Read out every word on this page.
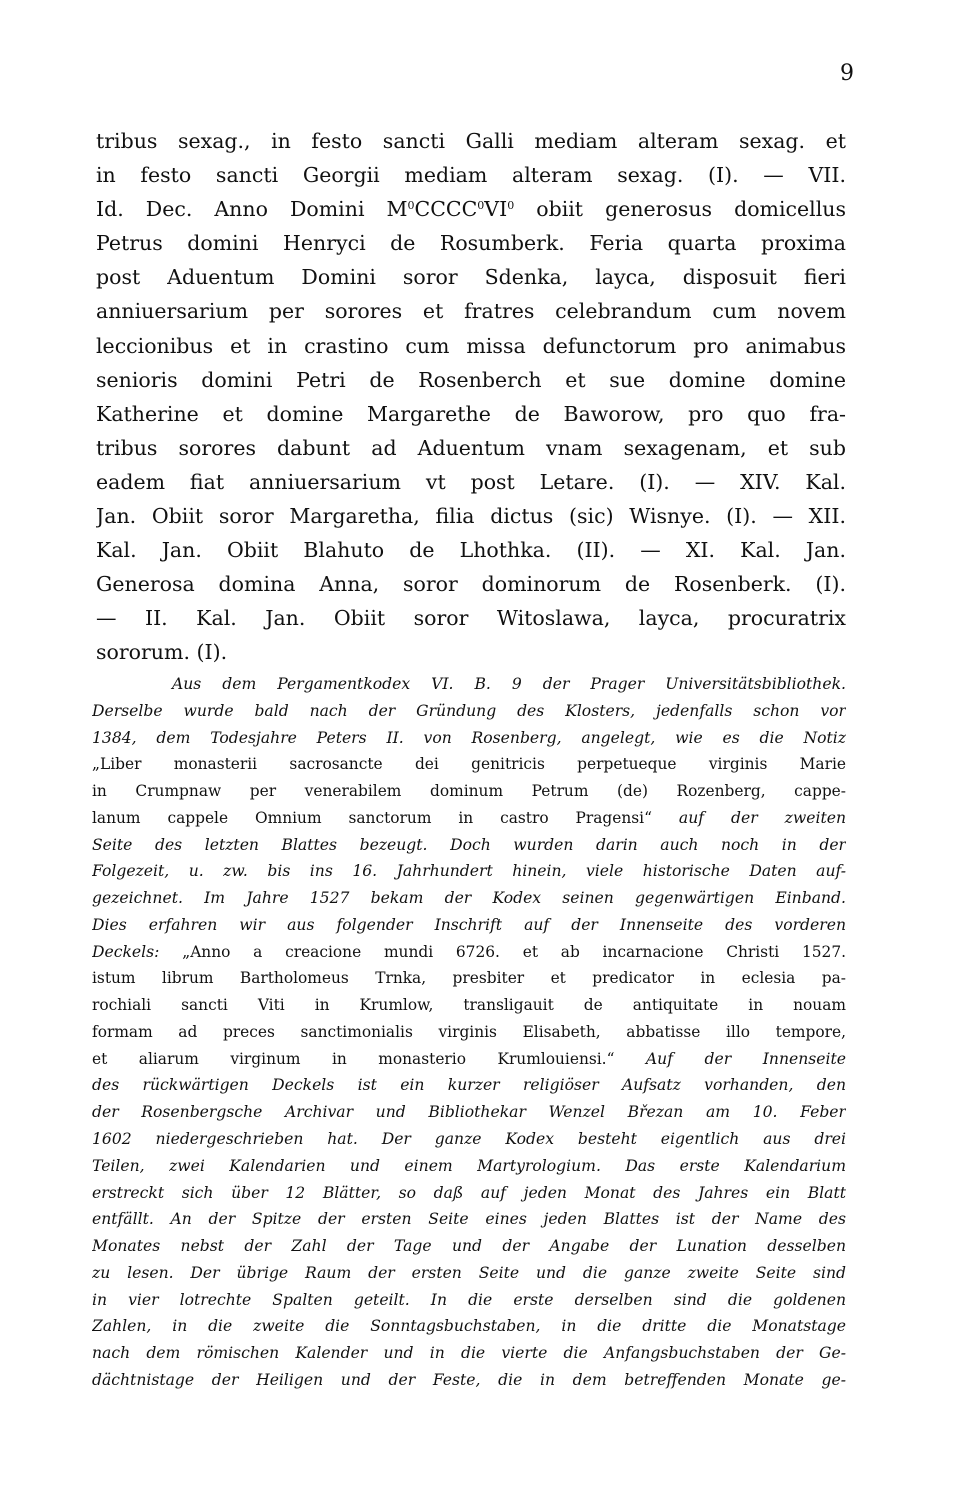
9
tribus sexag., in festo sancti Galli mediam alteram sexag. et
in festo sancti Georgii mediam alteram sexag. (I). — VII.
Id. Dec. Anno Domini $M^0CCCC^0VI^0$ obiit generosus domicellus
Petrus domini Henryci de Rosumberk. Feria quarta proxima
post Aduentum Domini soror Sdenka, layca, disposuit fieri
anniuersarium per sorores et fratres celebrandum cum novem
leccionibus et in crastino cum missa defunctorum pro animabus
senioris domini Petri de Rosenberch et sue domine domine
Katherine et domine Margarethe de Baworow, pro quo fra-
tribus sorores dabunt ad Aduentum vnam sexagenam, et sub
eadem fiat anniuersarium vt post Letare. (I). — XIV. Kal.
Jan. Obiit soror Margaretha, filia dictus (sic) Wisnye. (I). — XII.
Kal. Jan. Obiit Blahuto de Lhothka. (II). — XI. Kal. Jan.
Generosa domina Anna, soror dominorum de Rosenberk. (I).
— II. Kal. Jan. Obiit soror Witoslawa, layca, procuratrix
sororum. (I).
Aus dem Pergamentkodex VI. B. 9 der Prager Universitätsbibliothek.
Derselbe wurde bald nach der Gründung des Klosters, jedenfalls schon vor
1384, dem Todesjahre Peters II. von Rosenberg, angelegt, wie es die Notiz
„Liber monasterii sacrosancte dei genitricis perpetueque virginis Marie
in Crumpnaw per venerabilem dominum Petrum (de) Rozenberg, cappe-
lanum cappele Omnium sanctorum in castro Pragensi“ auf der zweiten
Seite des letzten Blattes bezeugt. Doch wurden darin auch noch in der
Folgezeit, u. zw. bis ins 16. Jahrhundert hinein, viele historische Daten auf-
gezeichnet. Im Jahre 1527 bekam der Kodex seinen gegenwärtigen Einband.
Dies erfahren wir aus folgender Inschrift auf der Innenseite des vorderen
Deckels: „Anno a creacione mundi 6726. et ab incarnacione Christi 1527.
istum librum Bartholomeus Trnka, presbiter et predicator in eclesia pa-
rochiali sancti Viti in Krumlow, transligauit de antiquitate in nouam
formam ad preces sanctimonialis virginis Elisabeth, abbatisse illo tempore,
et aliarum virginum in monasterio Krumlouiensi.“ Auf der Innenseite
des rückwärtigen Deckels ist ein kurzer religiöser Aufsatz vorhanden, den
der Rosenbergsche Archivar und Bibliothekar Wenzel Březan am 10. Feber
1602 niedergeschrieben hat. Der ganze Kodex besteht eigentlich aus drei
Teilen, zwei Kalendarien und einem Martyrologium. Das erste Kalendarium
erstreckt sich über 12 Blätter, so daß auf jeden Monat des Jahres ein Blatt
entfällt. An der Spitze der ersten Seite eines jeden Blattes ist der Name des
Monates nebst der Zahl der Tage und der Angabe der Lunation desselben
zu lesen. Der übrige Raum der ersten Seite und die ganze zweite Seite sind
in vier lotrechte Spalten geteilt. In die erste derselben sind die goldenen
Zahlen, in die zweite die Sonntagsbuchstaben, in die dritte die Monatstage
nach dem römischen Kalender und in die vierte die Anfangsbuchstaben der Ge-
dächtnistage der Heiligen und der Feste, die in dem betreffenden Monate ge-
